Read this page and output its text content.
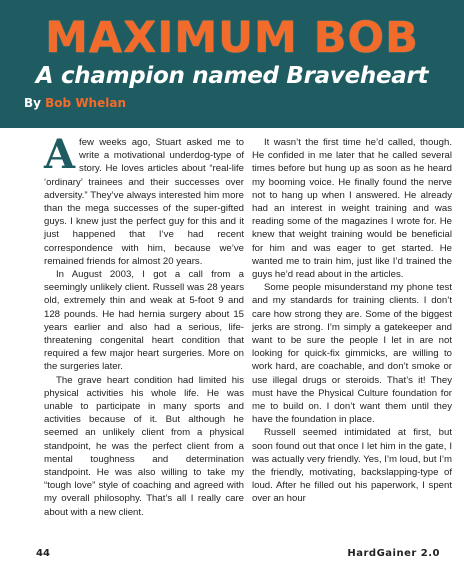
MAXIMUM BOB
A champion named Braveheart
By Bob Whelan

Afew weeks ago, Stuart asked me to write a motivational underdog-type of story. He loves articles about “real-life ‘ordinary’ trainees and their successes over adversity.” They’ve always interested him more than the mega successes of the super-gifted guys. I knew just the perfect guy for this and it just happened that I’ve had recent correspondence with him, because we’ve remained friends for almost 20 years.

In August 2003, I got a call from a seemingly unlikely client. Russell was 28 years old, extremely thin and weak at 5-foot 9 and 128 pounds. He had hernia surgery about 15 years earlier and also had a serious, life-threatening congenital heart condition that required a few major heart surgeries. More on the surgeries later.

The grave heart condition had limited his physical activities his whole life. He was unable to participate in many sports and activities because of it. But although he seemed an unlikely client from a physical standpoint, he was the perfect client from a mental toughness and determination standpoint. He was also willing to take my “tough love” style of coaching and agreed with my overall philosophy. That’s all I really care about with a new client.

It wasn’t the first time he’d called, though. He confided in me later that he called several times before but hung up as soon as he heard my booming voice. He finally found the nerve not to hang up when I answered. He already had an interest in weight training and was reading some of the magazines I wrote for. He knew that weight training would be beneficial for him and was eager to get started. He wanted me to train him, just like I’d trained the guys he’d read about in the articles.

Some people misunderstand my phone test and my standards for training clients. I don’t care how strong they are. Some of the biggest jerks are strong. I’m simply a gatekeeper and want to be sure the people I let in are not looking for quick-fix gimmicks, are willing to work hard, are coachable, and don’t smoke or use illegal drugs or steroids. That’s it! They must have the Physical Culture foundation for me to build on. I don’t want them until they have the foundation in place.

Russell seemed intimidated at first, but soon found out that once I let him in the gate, I was actually very friendly. Yes, I’m loud, but I’m the friendly, motivating, backslapping-type of loud. After he filled out his paperwork, I spent over an hour

44	HardGainer 2.0
